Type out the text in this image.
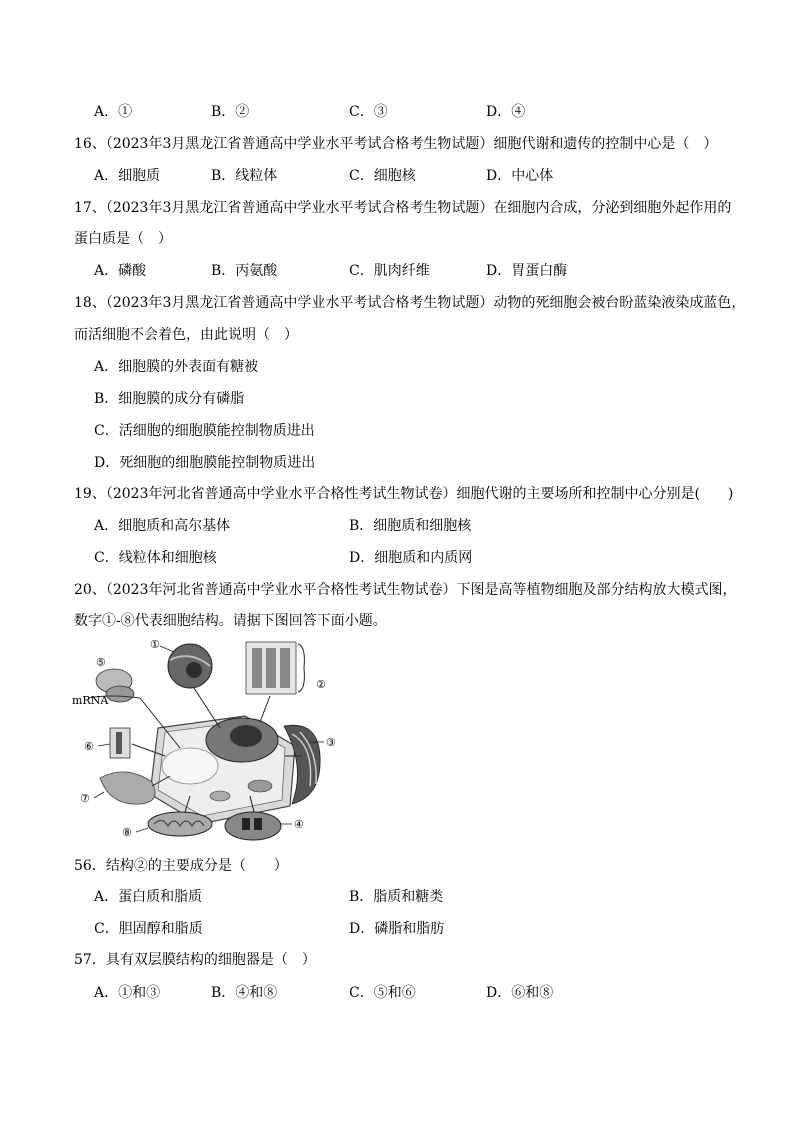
A．①	B．②	C．③	D．④
16、（2023年3月黑龙江省普通高中学业水平考试合格考生物试题）细胞代谢和遗传的控制中心是（　）
A．细胞质	B．线粒体	C．细胞核	D．中心体
17、（2023年3月黑龙江省普通高中学业水平考试合格考生物试题）在细胞内合成，分泌到细胞外起作用的
蛋白质是（　）
A．磷酸	B．丙氨酸	C．肌肉纤维	D．胃蛋白酶
18、（2023年3月黑龙江省普通高中学业水平考试合格考生物试题）动物的死细胞会被台盼蓝染液染成蓝色，
而活细胞不会着色，由此说明（　）
A．细胞膜的外表面有糖被
B．细胞膜的成分有磷脂
C．活细胞的细胞膜能控制物质进出
D．死细胞的细胞膜能控制物质进出
19、（2023年河北省普通高中学业水平合格性考试生物试卷）细胞代谢的主要场所和控制中心分别是(　　)
A．细胞质和高尔基体	B．细胞质和细胞核
C．线粒体和细胞核	D．细胞质和内质网
20、（2023年河北省普通高中学业水平合格性考试生物试卷）下图是高等植物细胞及部分结构放大模式图，
数字①-⑧代表细胞结构。请据下图回答下面小题。
①
②
③
④
⑤
⑥
⑦
⑧
mRNA
56．结构②的主要成分是（　　）
A．蛋白质和脂质	B．脂质和糖类
C．胆固醇和脂质	D．磷脂和脂肪
57．具有双层膜结构的细胞器是（　）
A．①和③	B．④和⑧	C．⑤和⑥	D．⑥和⑧
